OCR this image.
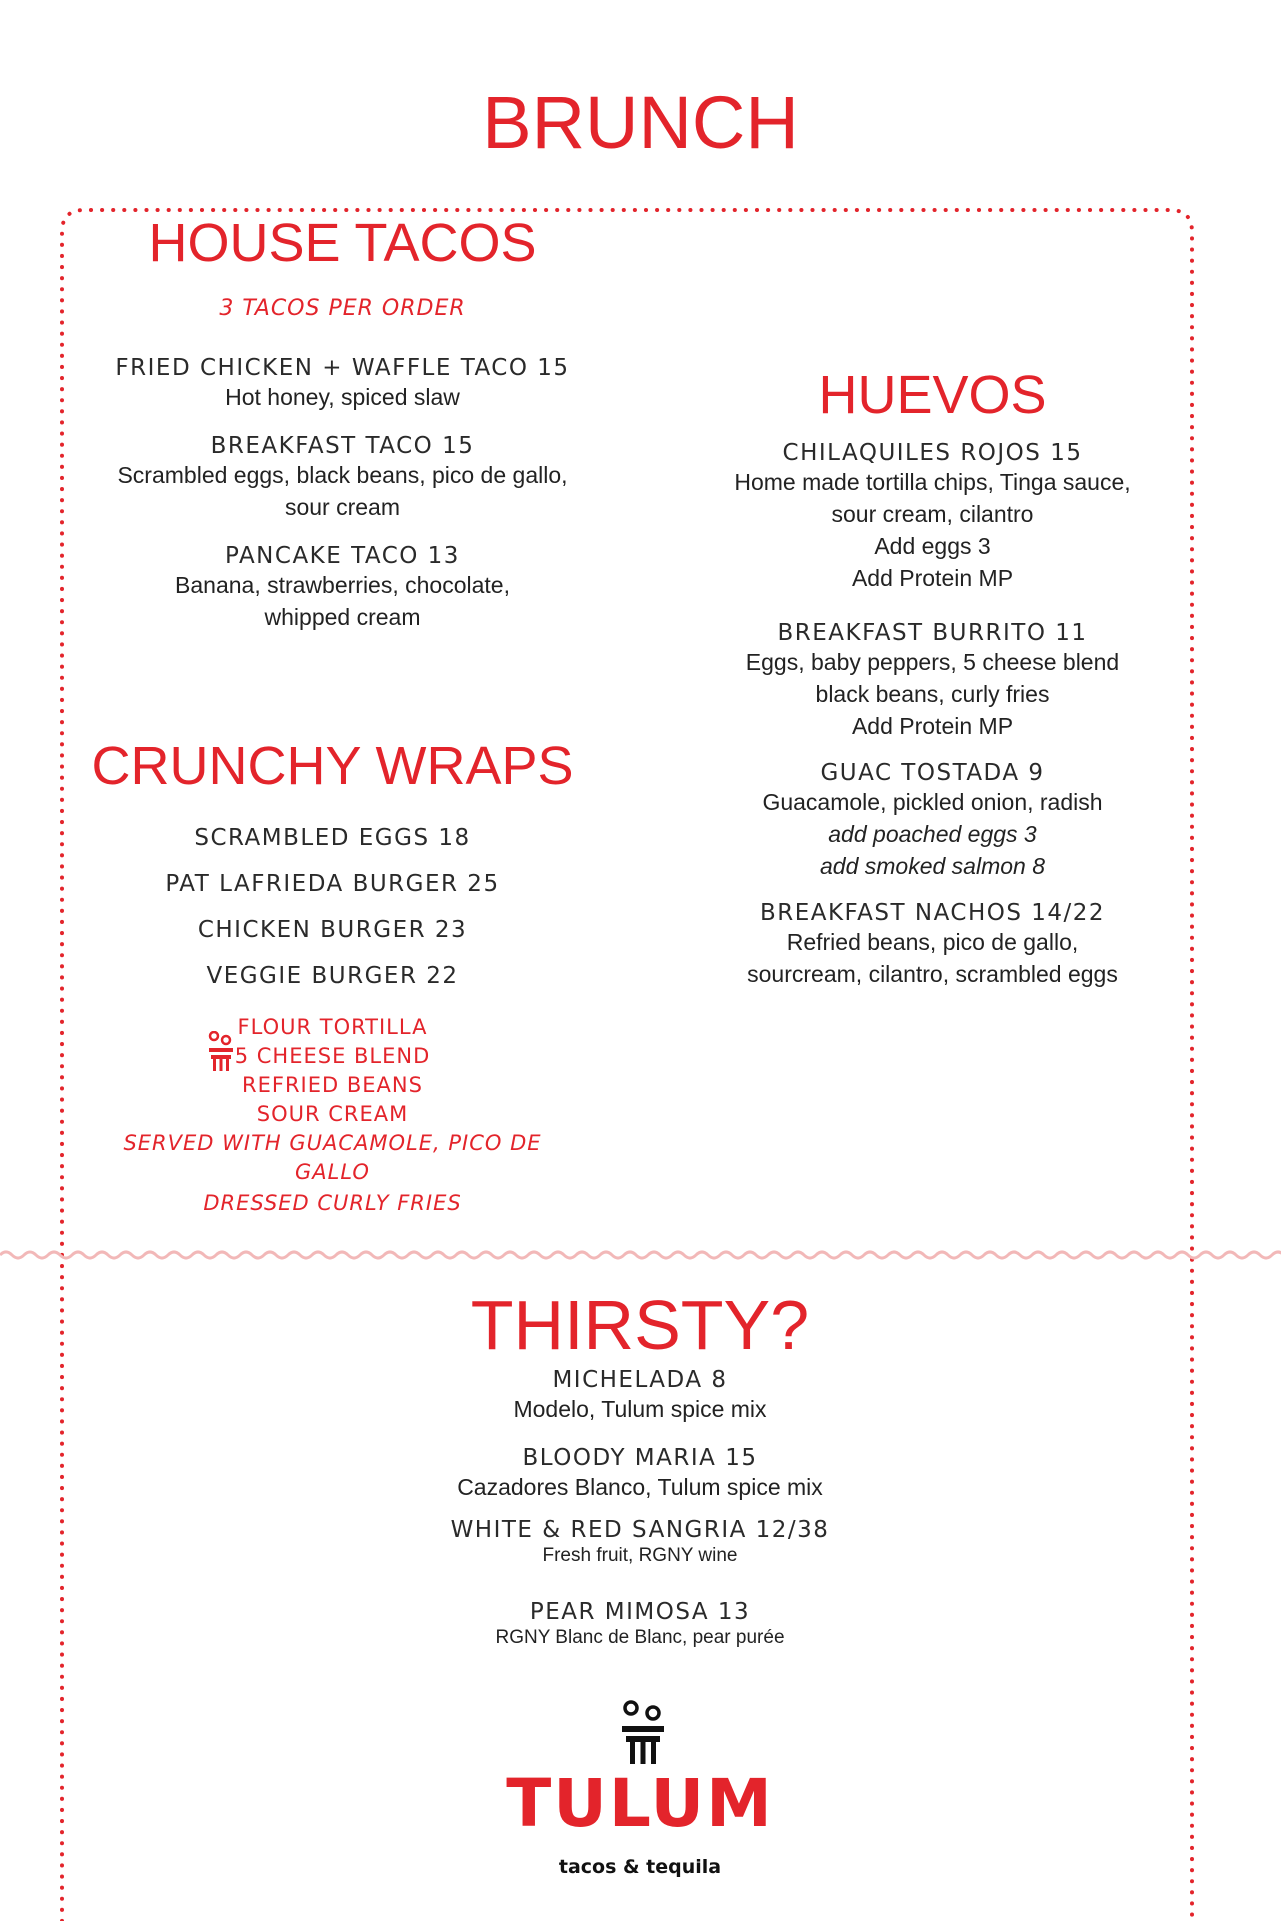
BRUNCH
HOUSE TACOS
3 TACOS PER ORDER
FRIED CHICKEN + WAFFLE TACO 15
Hot honey, spiced slaw
BREAKFAST TACO 15
Scrambled eggs, black beans, pico de gallo,
sour cream
PANCAKE TACO 13
Banana, strawberries, chocolate,
whipped cream
CRUNCHY WRAPS
SCRAMBLED EGGS 18
PAT LAFRIEDA BURGER 25
CHICKEN BURGER 23
VEGGIE BURGER 22
FLOUR TORTILLA
5 CHEESE BLEND
REFRIED BEANS
SOUR CREAM
SERVED WITH GUACAMOLE, PICO DE
GALLO
DRESSED CURLY FRIES
HUEVOS
CHILAQUILES ROJOS 15
Home made tortilla chips, Tinga sauce,
sour cream, cilantro
Add eggs 3
Add Protein MP
BREAKFAST BURRITO 11
Eggs, baby peppers, 5 cheese blend
black beans, curly fries
Add Protein MP
GUAC TOSTADA 9
Guacamole, pickled onion, radish
add poached eggs 3
add smoked salmon 8
BREAKFAST NACHOS 14/22
Refried beans, pico de gallo,
sourcream, cilantro, scrambled eggs
THIRSTY?
MICHELADA 8
Modelo, Tulum spice mix
BLOODY MARIA 15
Cazadores Blanco, Tulum spice mix
WHITE & RED SANGRIA 12/38
Fresh fruit, RGNY wine
PEAR MIMOSA 13
RGNY Blanc de Blanc, pear purée
TULUM
tacos & tequila
